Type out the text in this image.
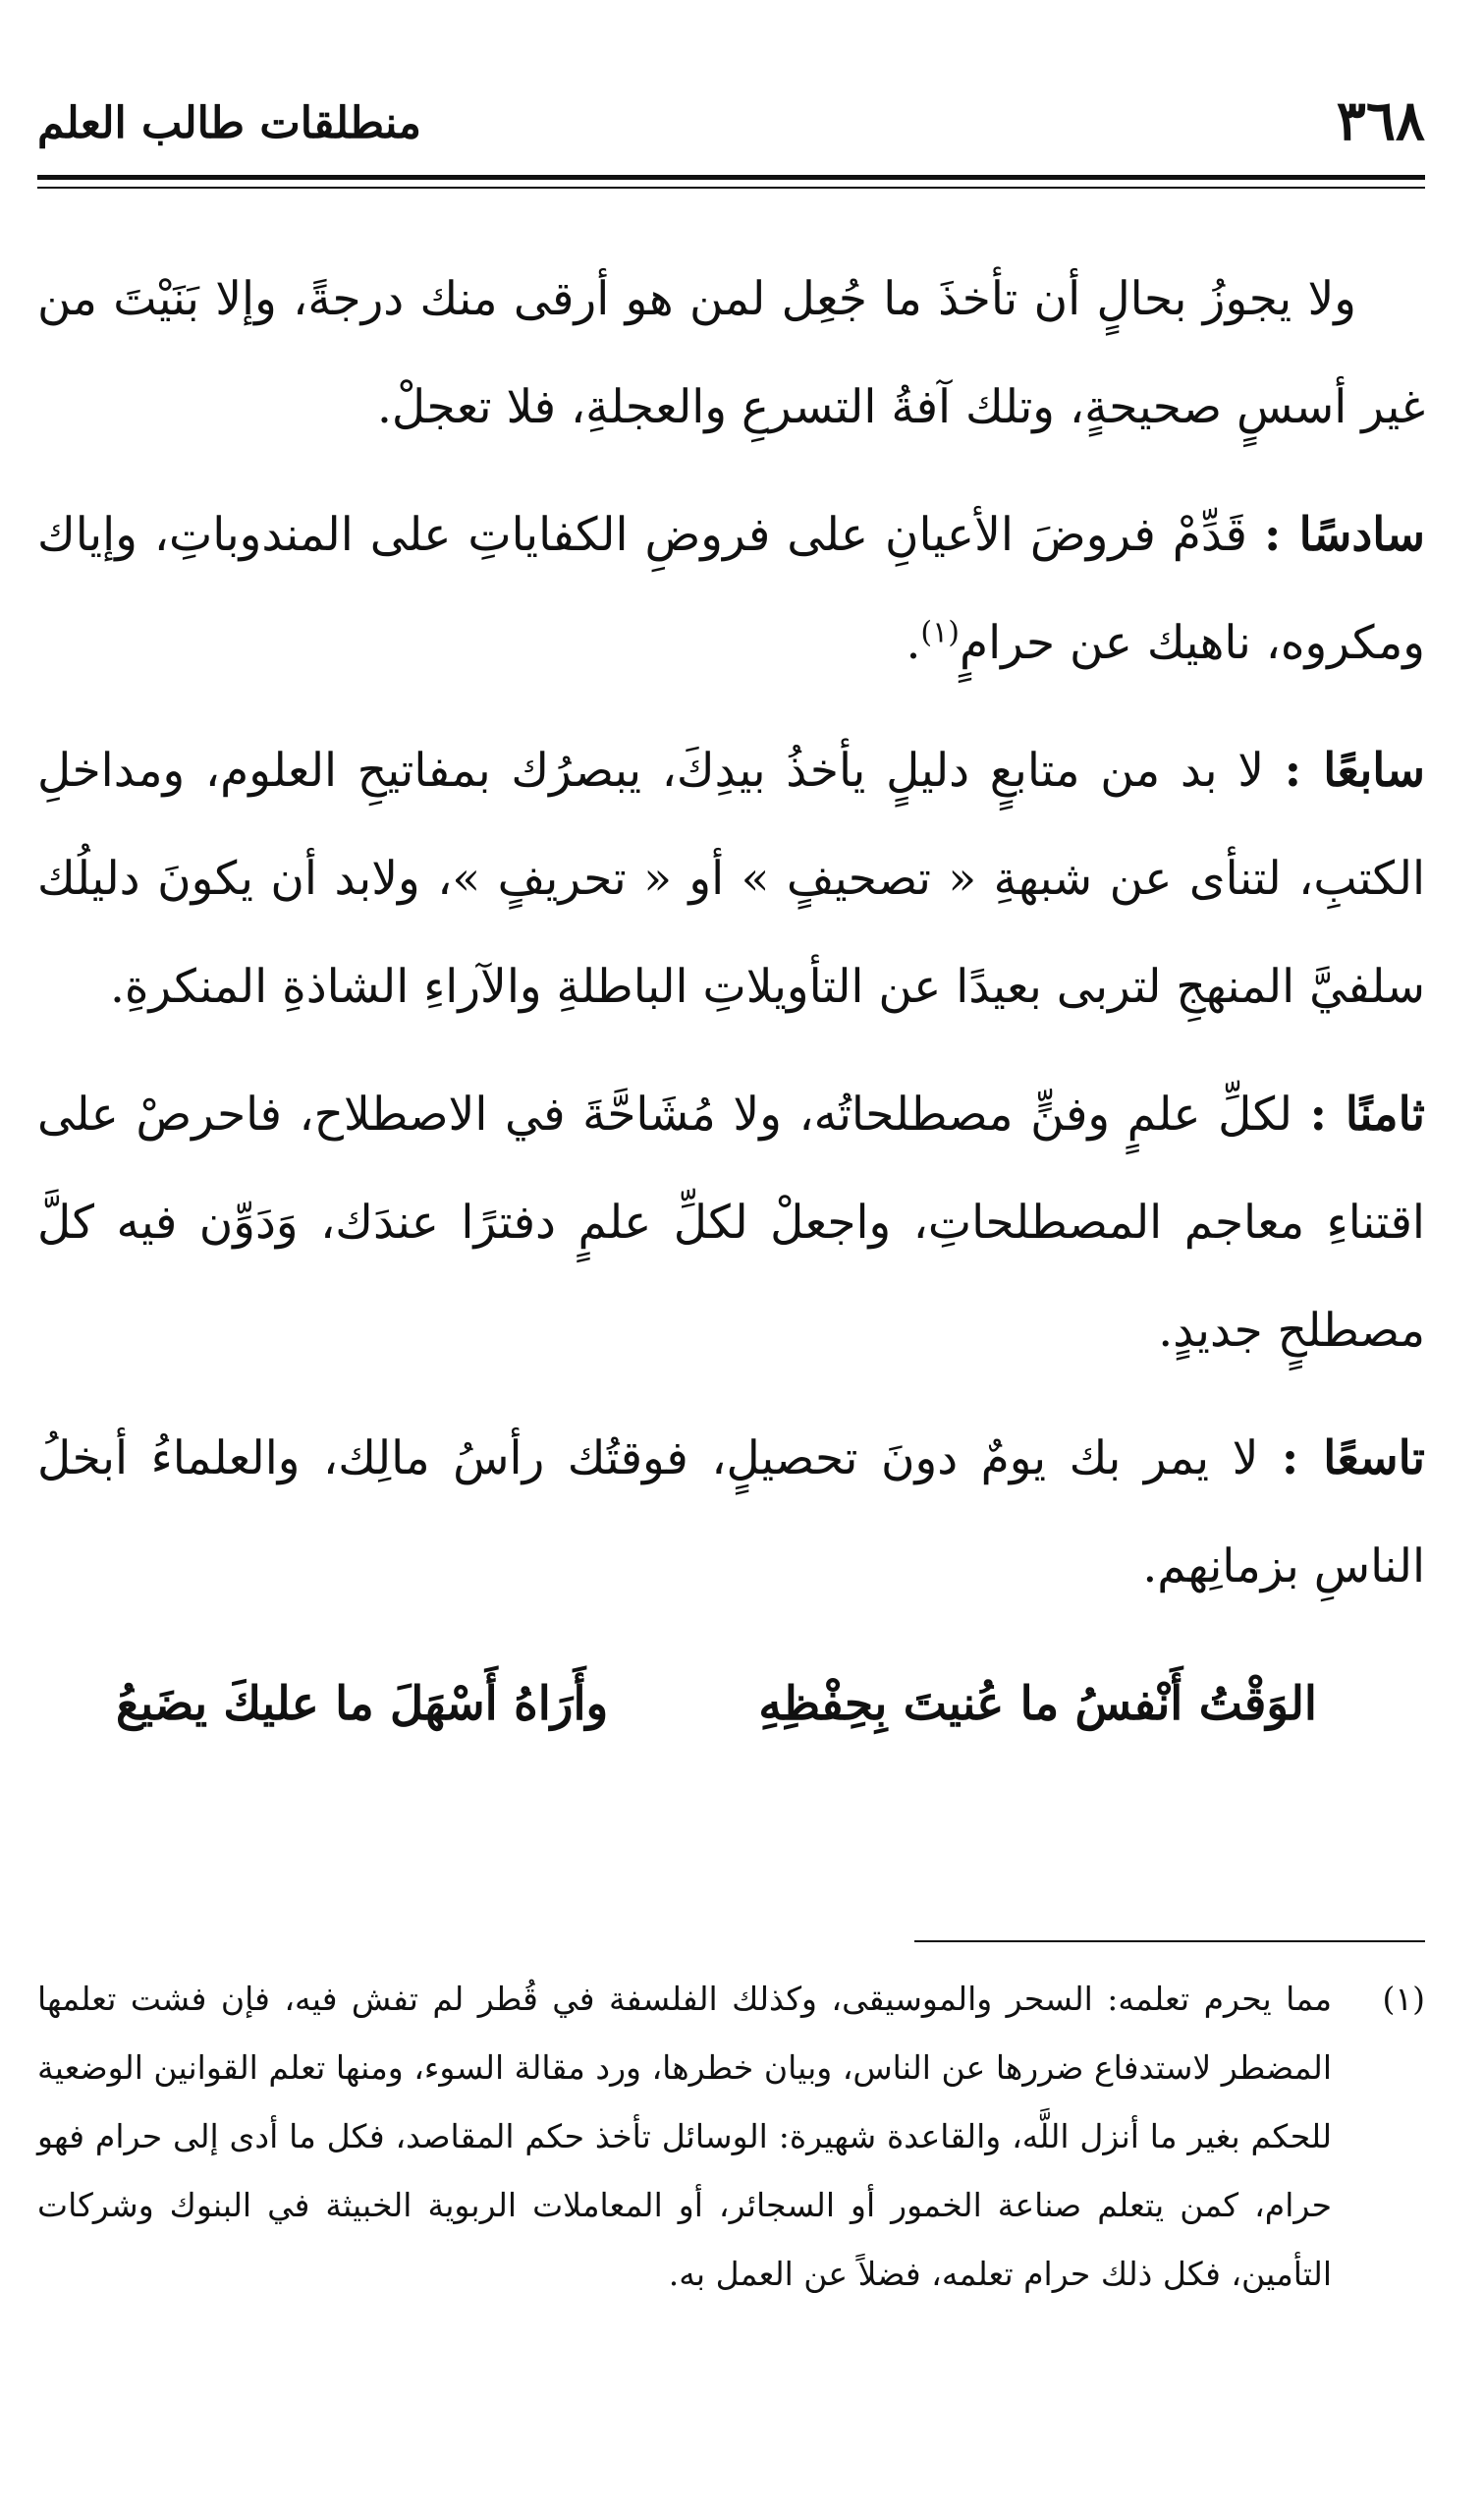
٣٦٨
منطلقات طالب العلم

ولا يجوزُ بحالٍ أن تأخذَ ما جُعِل لمن هو أرقى منك درجةً، وإلا بَنَيْتَ من غير أسسٍ صحيحةٍ، وتلك آفةُ التسرعِ والعجلةِ، فلا تعجلْ.

سادسًا : قَدِّمْ فروضَ الأعيانِ على فروضِ الكفاياتِ على المندوباتِ، وإياك ومكروه، ناهيك عن حرامٍ$^{(١)}$.

سابعًا : لا بد من متابعٍ دليلٍ يأخذُ بيدِكَ، يبصرُك بمفاتيحِ العلوم، ومداخلِ الكتبِ، لتنأى عن شبهةِ « تصحيفٍ » أو « تحريفٍ »، ولابد أن يكونَ دليلُك سلفيَّ المنهجِ لتربى بعيدًا عن التأويلاتِ الباطلةِ والآراءِ الشاذةِ المنكرةِ.

ثامنًا : لكلِّ علمٍ وفنٍّ مصطلحاتُه، ولا مُشَاحَّةَ في الاصطلاح، فاحرصْ على اقتناءِ معاجم المصطلحاتِ، واجعلْ لكلِّ علمٍ دفترًا عندَك، وَدَوِّن فيه كلَّ مصطلحٍ جديدٍ.

تاسعًا : لا يمر بك يومٌ دونَ تحصيلٍ، فوقتُك رأسُ مالِك، والعلماءُ أبخلُ الناسِ بزمانِهم.

الوَقْتُ أَنْفسُ ما عُنيتَ بِحِفْظِهِ
وأَرَاهُ أَسْهَلَ ما عليكَ يضَيعُ
(١)

مما يحرم تعلمه: السحر والموسيقى، وكذلك الفلسفة في قُطر لم تفش فيه، فإن فشت تعلمها المضطر لاستدفاع ضررها عن الناس، وبيان خطرها، ورد مقالة السوء، ومنها تعلم القوانين الوضعية للحكم بغير ما أنزل اللَّه، والقاعدة شهيرة: الوسائل تأخذ حكم المقاصد، فكل ما أدى إلى حرام فهو حرام، كمن يتعلم صناعة الخمور أو السجائر، أو المعاملات الربوية الخبيثة في البنوك وشركات التأمين، فكل ذلك حرام تعلمه، فضلاً عن العمل به.
